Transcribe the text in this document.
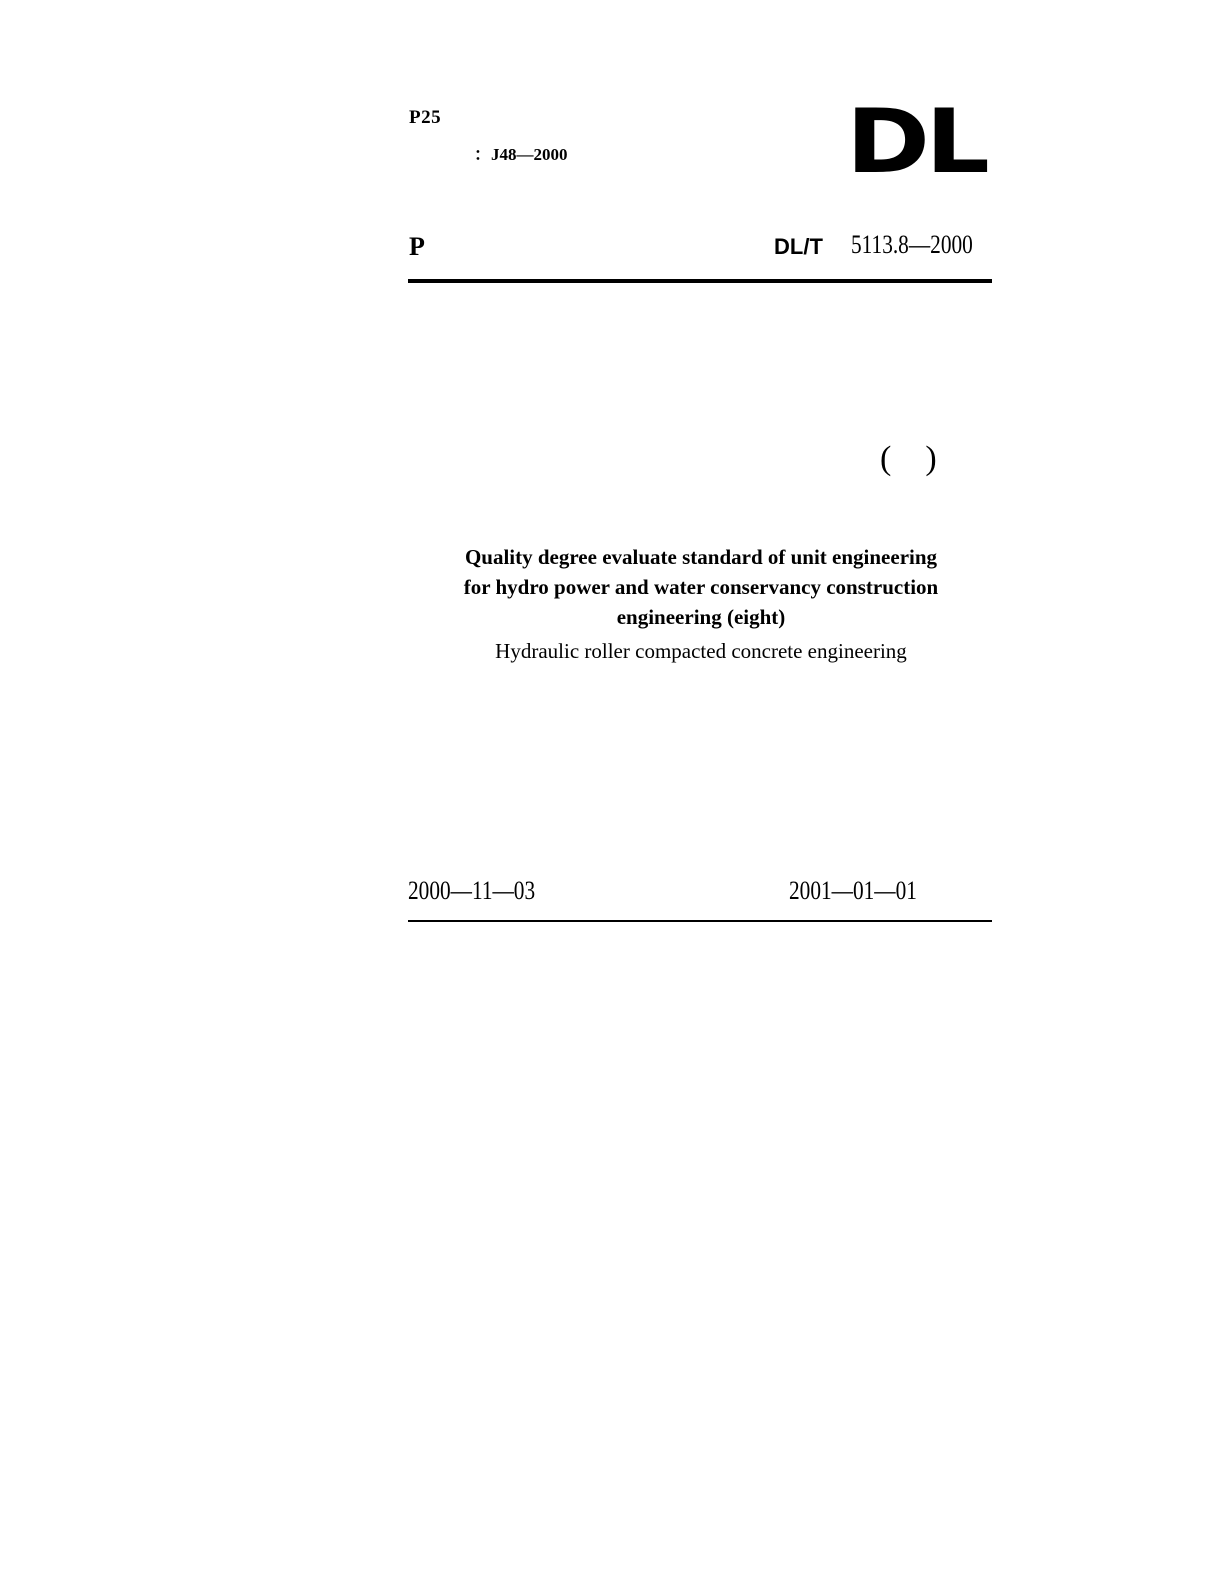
P25
：J48—2000	DL
P	DL/T 5113.8—2000
(    )
Quality degree evaluate standard of unit engineering
for hydro power and water conservancy construction
engineering (eight)
Hydraulic roller compacted concrete engineering
2000—11—03	2001—01—01
